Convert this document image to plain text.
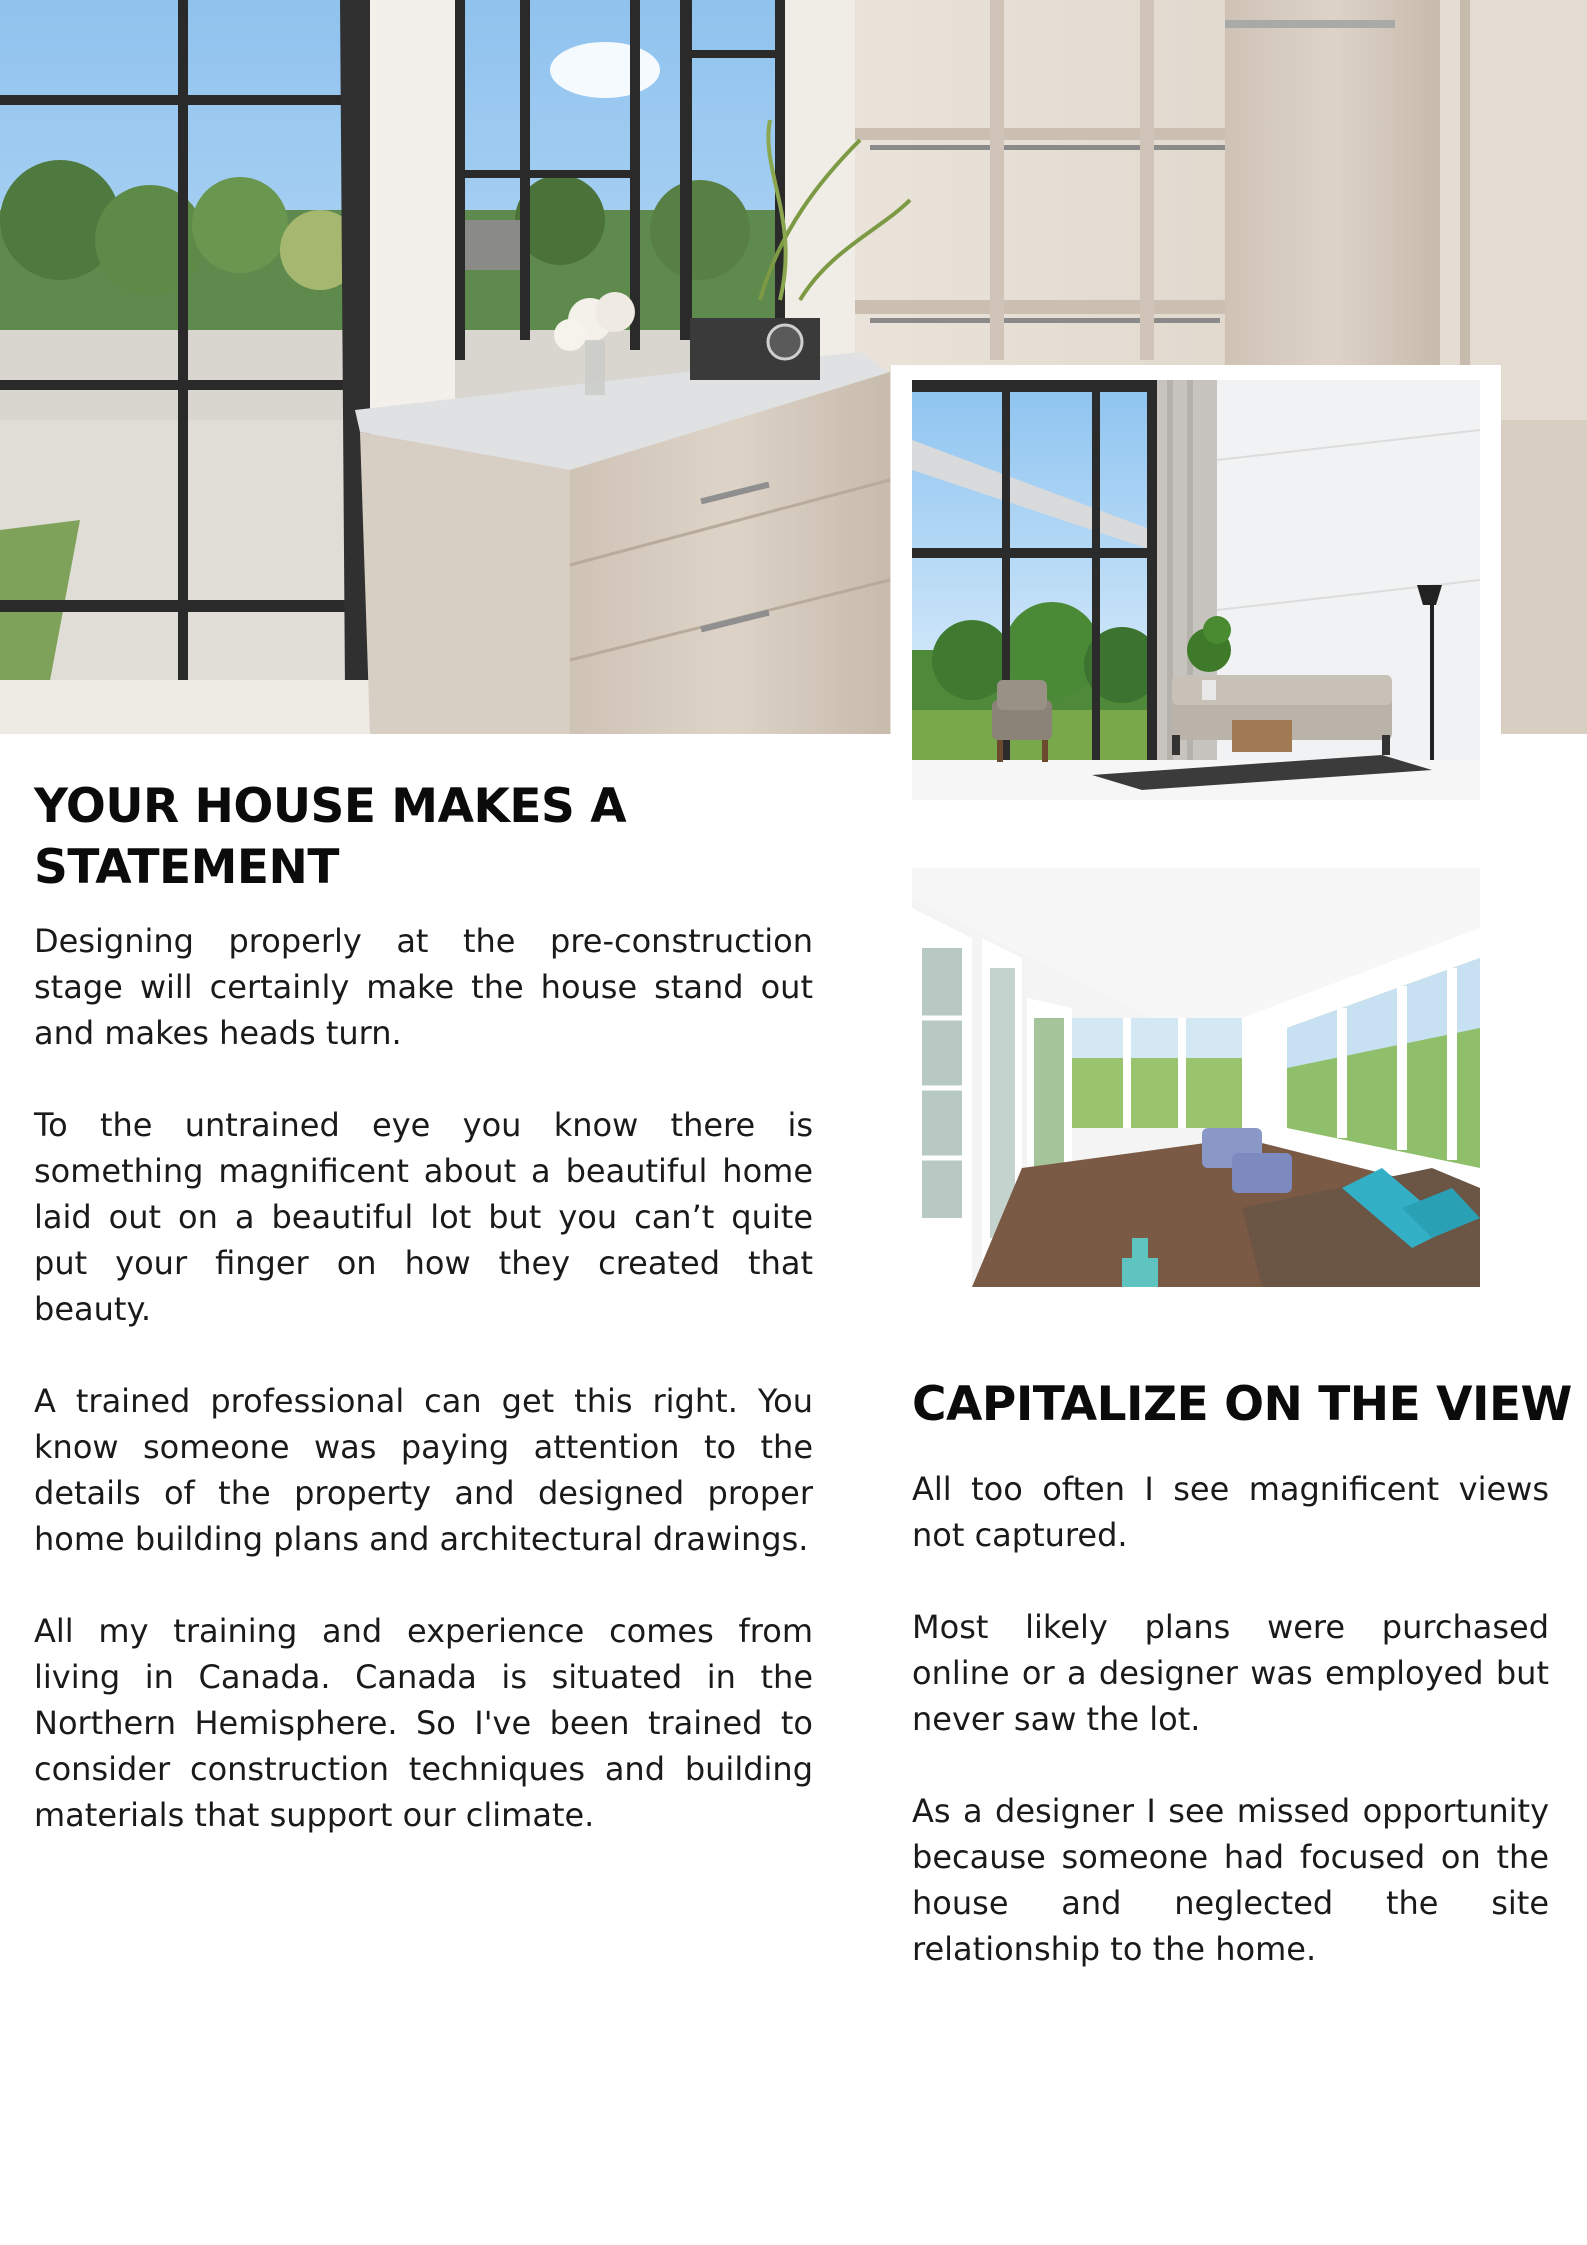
YOUR HOUSE MAKES A STATEMENT

Designing properly at the pre-construction stage will certainly make the house stand out and makes heads turn.

To the untrained eye you know there is something magnificent about a beautiful home laid out on a beautiful lot but you can’t quite put your finger on how they created that beauty.

A trained professional can get this right. You know someone was paying attention to the details of the property and designed proper home building plans and architectural drawings.

All my training and experience comes from living in Canada. Canada is situated in the Northern Hemisphere. So I've been trained to consider construction techniques and building materials that support our climate.

CAPITALIZE ON THE VIEW

All too often I see magnificent views not captured.

Most likely plans were purchased online or a designer was employed but never saw the lot.

As a designer I see missed opportunity because someone had focused on the house and neglected the site relationship to the home.
